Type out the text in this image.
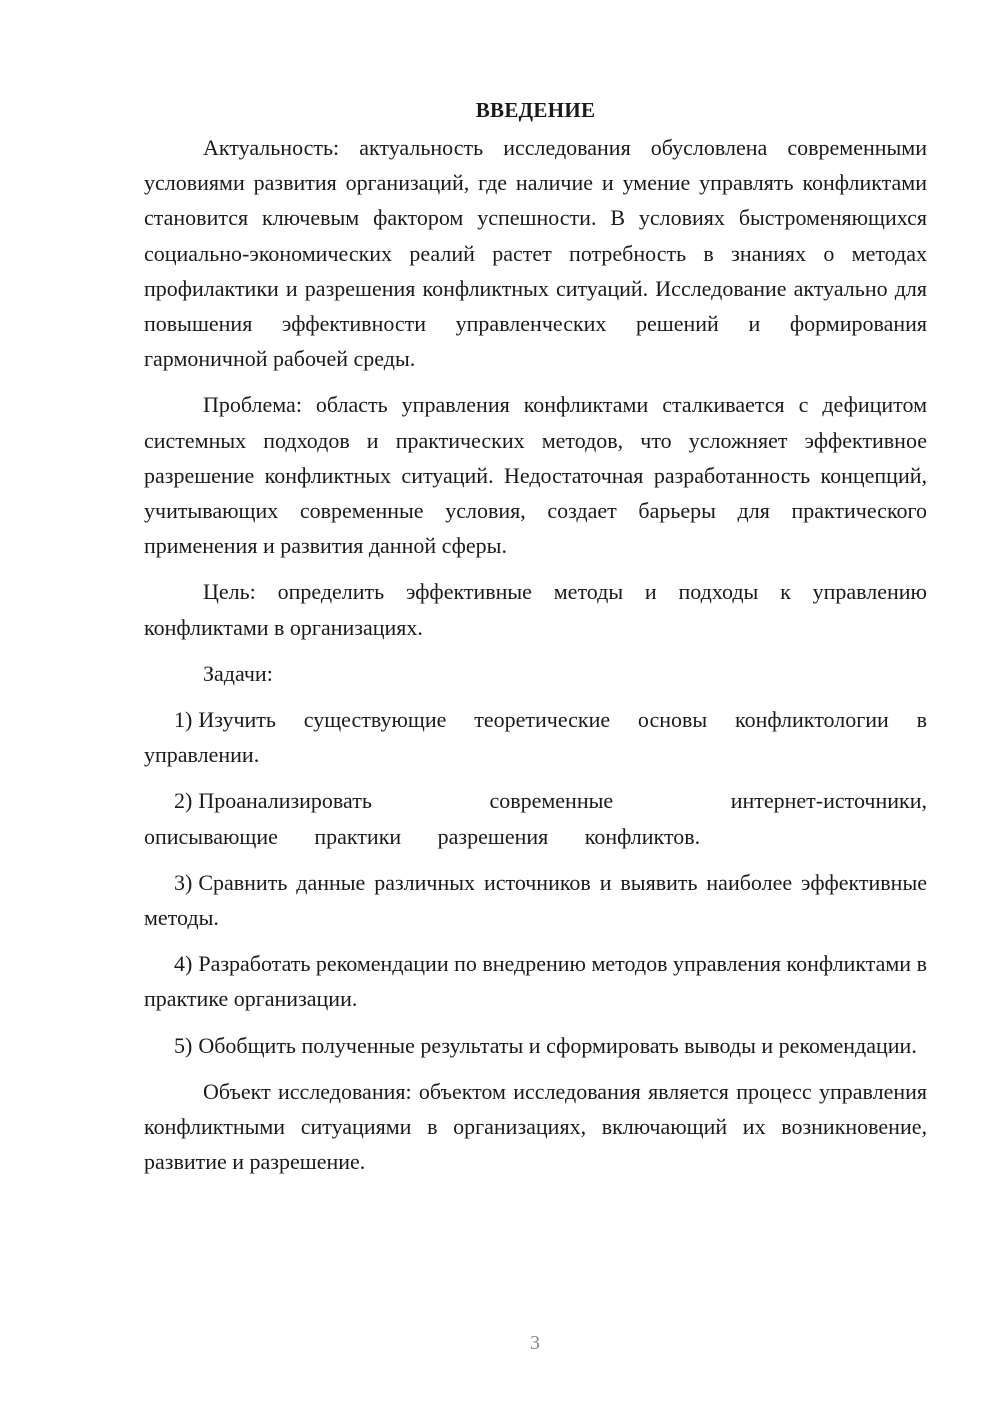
ВВЕДЕНИЕ

Актуальность: актуальность исследования обусловлена современными условиями развития организаций, где наличие и умение управлять конфликтами становится ключевым фактором успешности. В условиях быстроменяющихся социально-экономических реалий растет потребность в знаниях о методах профилактики и разрешения конфликтных ситуаций. Исследование актуально для повышения эффективности управленческих решений и формирования гармоничной рабочей среды.

Проблема: область управления конфликтами сталкивается с дефицитом системных подходов и практических методов, что усложняет эффективное разрешение конфликтных ситуаций. Недостаточная разработанность концепций, учитывающих современные условия, создает барьеры для практического применения и развития данной сферы.

Цель: определить эффективные методы и подходы к управлению конфликтами в организациях.

Задачи:

1) Изучить существующие теоретические основы конфликтологии в управлении.

2) Проанализировать современные интернет-источники, описывающие практики разрешения конфликтов.

3) Сравнить данные различных источников и выявить наиболее эффективные методы.

4) Разработать рекомендации по внедрению методов управления конфликтами в практике организации.

5) Обобщить полученные результаты и сформировать выводы и рекомендации.

Объект исследования: объектом исследования является процесс управления конфликтными ситуациями в организациях, включающий их возникновение, развитие и разрешение.

3
